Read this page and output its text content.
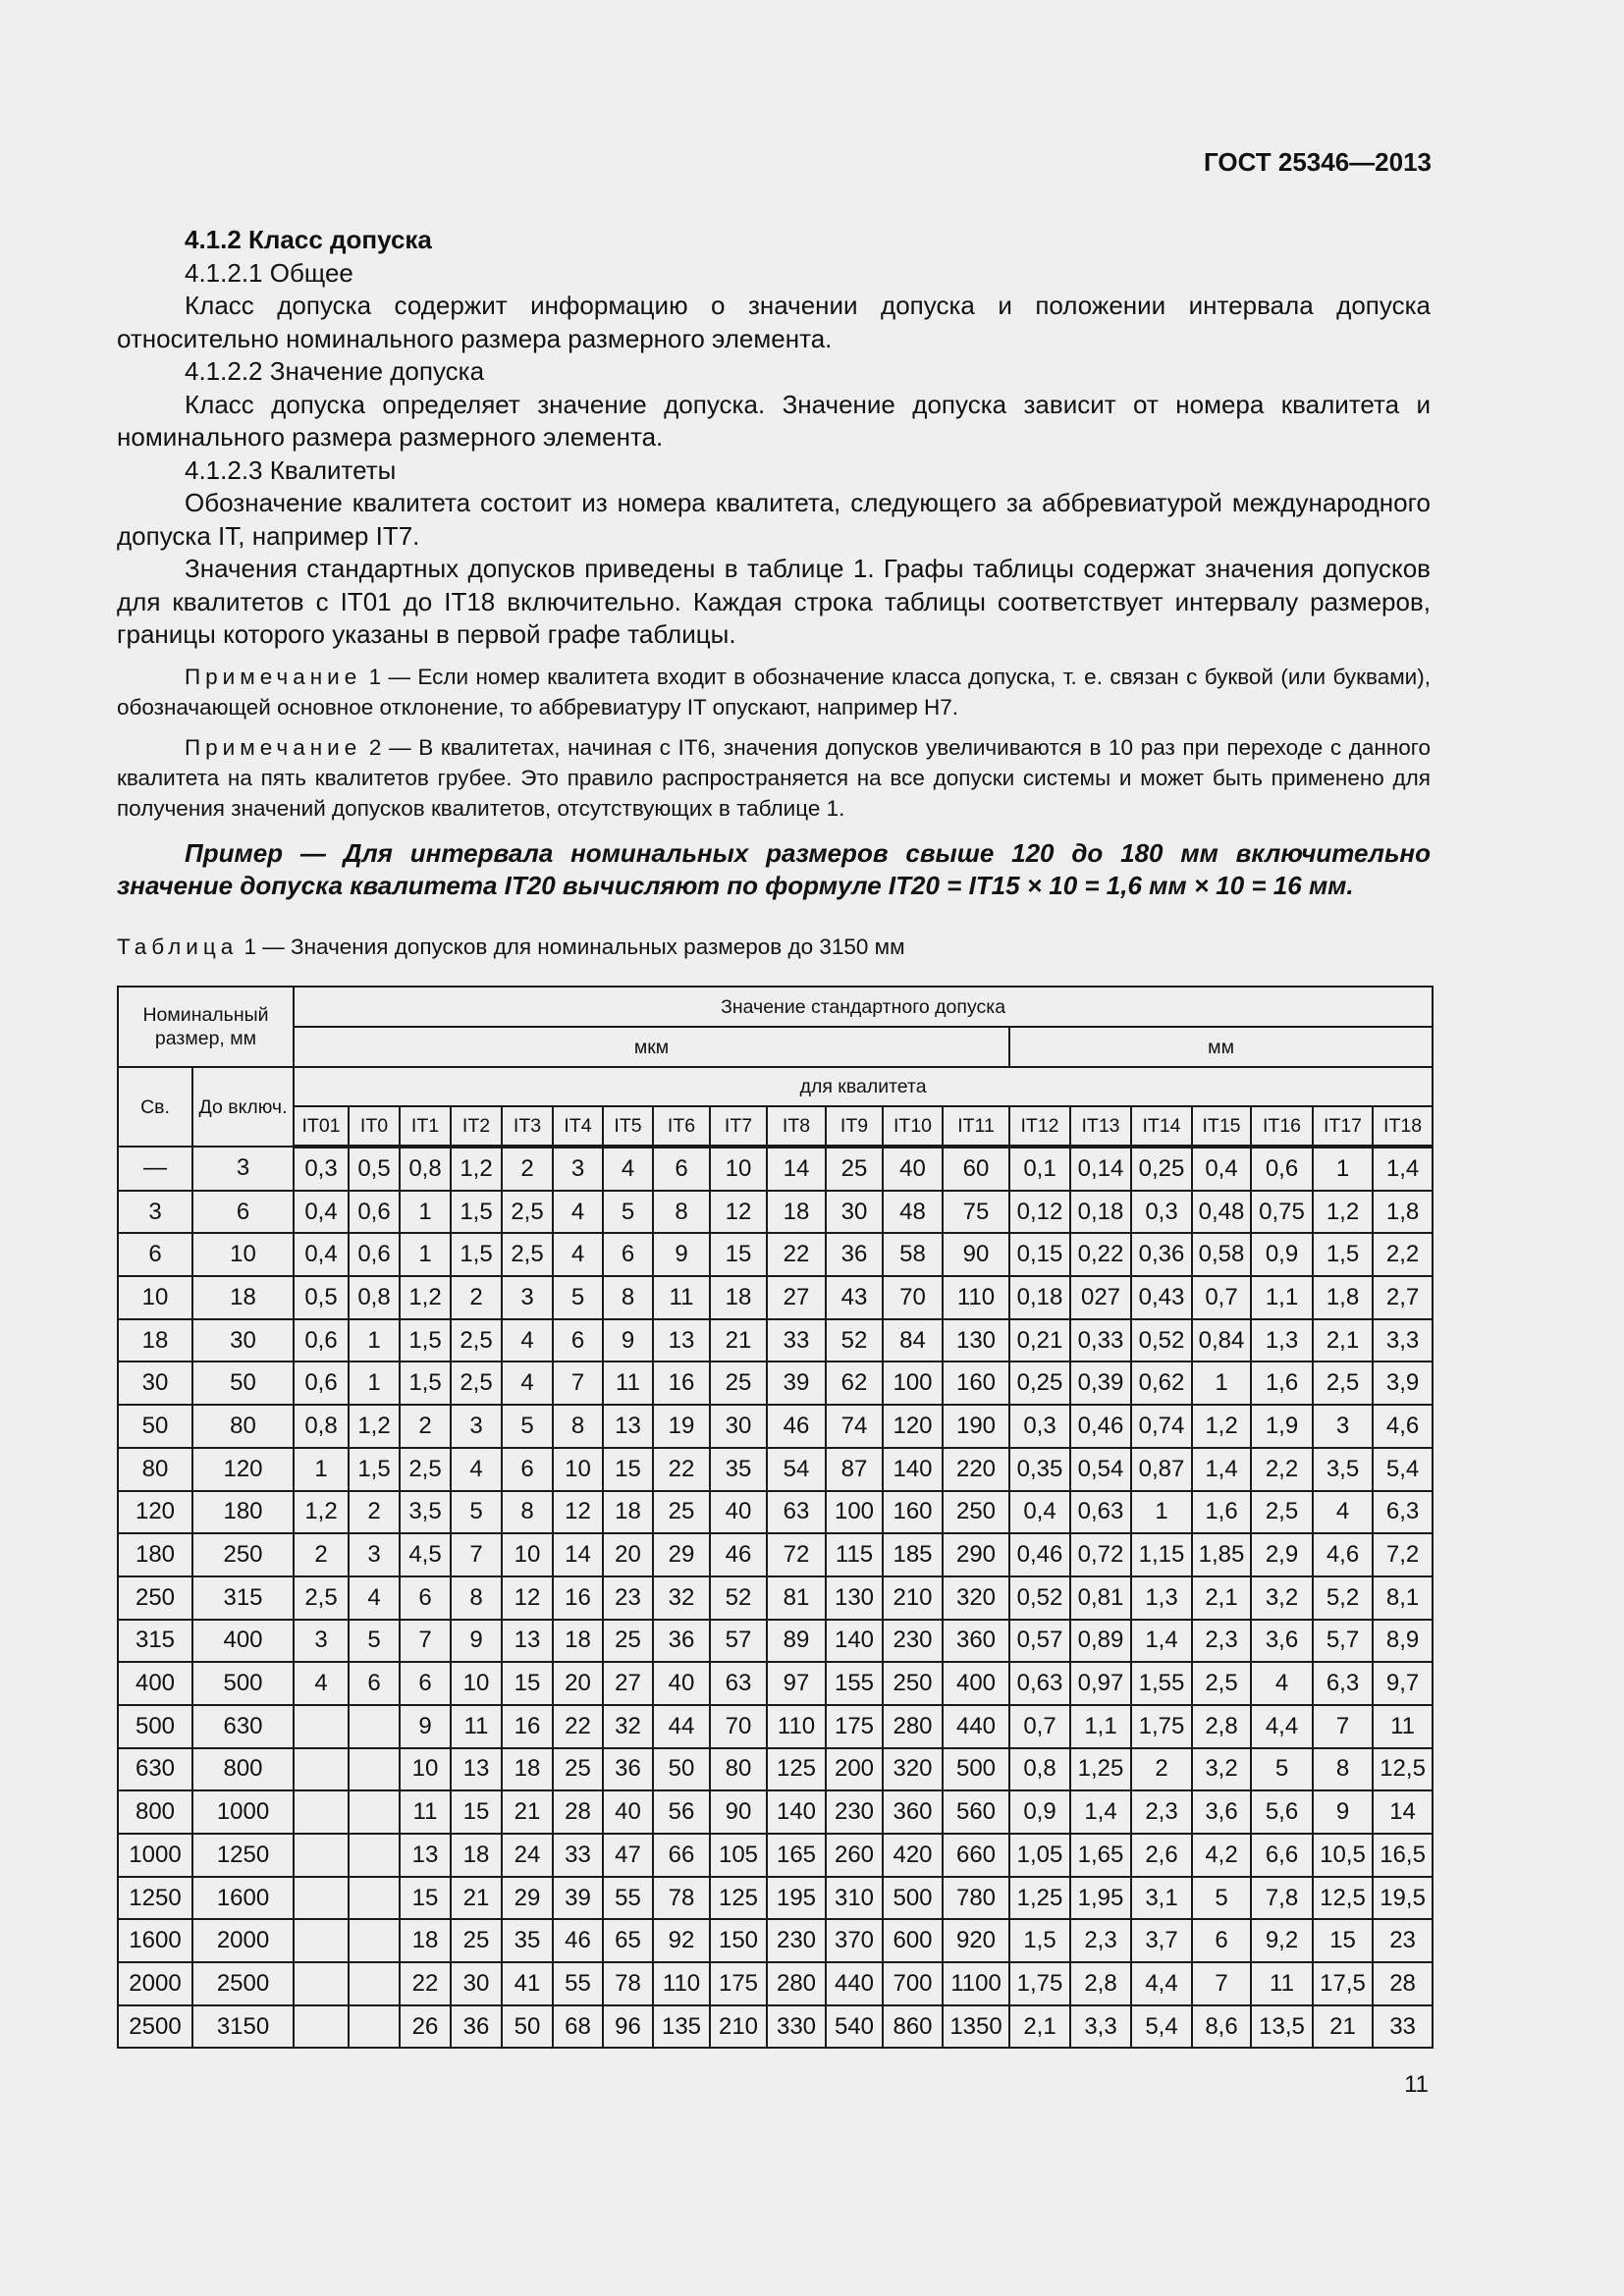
ГОСТ 25346—2013

4.1.2 Класс допуска

4.1.2.1 Общее

Класс допуска содержит информацию о значении допуска и положении интервала допуска относительно номинального размера размерного элемента.

4.1.2.2 Значение допуска

Класс допуска определяет значение допуска. Значение допуска зависит от номера квалитета и номинального размера размерного элемента.

4.1.2.3 Квалитеты

Обозначение квалитета состоит из номера квалитета, следующего за аббревиатурой международного допуска IT, например IT7.

Значения стандартных допусков приведены в таблице 1. Графы таблицы содержат значения допусков для квалитетов с IT01 до IT18 включительно. Каждая строка таблицы соответствует интервалу размеров, границы которого указаны в первой графе таблицы.

Примечание 1 — Если номер квалитета входит в обозначение класса допуска, т. е. связан с буквой (или буквами), обозначающей основное отклонение, то аббревиатуру IT опускают, например H7.

Примечание 2 — В квалитетах, начиная с IT6, значения допусков увеличиваются в 10 раз при переходе с данного квалитета на пять квалитетов грубее. Это правило распространяется на все допуски системы и может быть применено для получения значений допусков квалитетов, отсутствующих в таблице 1.

Пример — Для интервала номинальных размеров свыше 120 до 180 мм включительно значение допуска квалитета IT20 вычисляют по формуле IT20 = IT15 × 10 = 1,6 мм × 10 = 16 мм.

Таблица 1 — Значения допусков для номинальных размеров до 3150 мм
Номинальный размер, мм		Значение стандартного допуска																			
		мкм													мм						
Св.	До включ.	для квалитета																			
		IT01	IT0	IT1	IT2	IT3	IT4	IT5	IT6	IT7	IT8	IT9	IT10	IT11	IT12	IT13	IT14	IT15	IT16	IT17	IT18
—	3	0,3	0,5	0,8	1,2	2	3	4	6	10	14	25	40	60	0,1	0,14	0,25	0,4	0,6	1	1,4
3	6	0,4	0,6	1	1,5	2,5	4	5	8	12	18	30	48	75	0,12	0,18	0,3	0,48	0,75	1,2	1,8
6	10	0,4	0,6	1	1,5	2,5	4	6	9	15	22	36	58	90	0,15	0,22	0,36	0,58	0,9	1,5	2,2
10	18	0,5	0,8	1,2	2	3	5	8	11	18	27	43	70	110	0,18	027	0,43	0,7	1,1	1,8	2,7
18	30	0,6	1	1,5	2,5	4	6	9	13	21	33	52	84	130	0,21	0,33	0,52	0,84	1,3	2,1	3,3
30	50	0,6	1	1,5	2,5	4	7	11	16	25	39	62	100	160	0,25	0,39	0,62	1	1,6	2,5	3,9
50	80	0,8	1,2	2	3	5	8	13	19	30	46	74	120	190	0,3	0,46	0,74	1,2	1,9	3	4,6
80	120	1	1,5	2,5	4	6	10	15	22	35	54	87	140	220	0,35	0,54	0,87	1,4	2,2	3,5	5,4
120	180	1,2	2	3,5	5	8	12	18	25	40	63	100	160	250	0,4	0,63	1	1,6	2,5	4	6,3
180	250	2	3	4,5	7	10	14	20	29	46	72	115	185	290	0,46	0,72	1,15	1,85	2,9	4,6	7,2
250	315	2,5	4	6	8	12	16	23	32	52	81	130	210	320	0,52	0,81	1,3	2,1	3,2	5,2	8,1
315	400	3	5	7	9	13	18	25	36	57	89	140	230	360	0,57	0,89	1,4	2,3	3,6	5,7	8,9
400	500	4	6	6	10	15	20	27	40	63	97	155	250	400	0,63	0,97	1,55	2,5	4	6,3	9,7
500	630			9	11	16	22	32	44	70	110	175	280	440	0,7	1,1	1,75	2,8	4,4	7	11
630	800			10	13	18	25	36	50	80	125	200	320	500	0,8	1,25	2	3,2	5	8	12,5
800	1000			11	15	21	28	40	56	90	140	230	360	560	0,9	1,4	2,3	3,6	5,6	9	14
1000	1250			13	18	24	33	47	66	105	165	260	420	660	1,05	1,65	2,6	4,2	6,6	10,5	16,5
1250	1600			15	21	29	39	55	78	125	195	310	500	780	1,25	1,95	3,1	5	7,8	12,5	19,5
1600	2000			18	25	35	46	65	92	150	230	370	600	920	1,5	2,3	3,7	6	9,2	15	23
2000	2500			22	30	41	55	78	110	175	280	440	700	1100	1,75	2,8	4,4	7	11	17,5	28
2500	3150			26	36	50	68	96	135	210	330	540	860	1350	2,1	3,3	5,4	8,6	13,5	21	33
11
